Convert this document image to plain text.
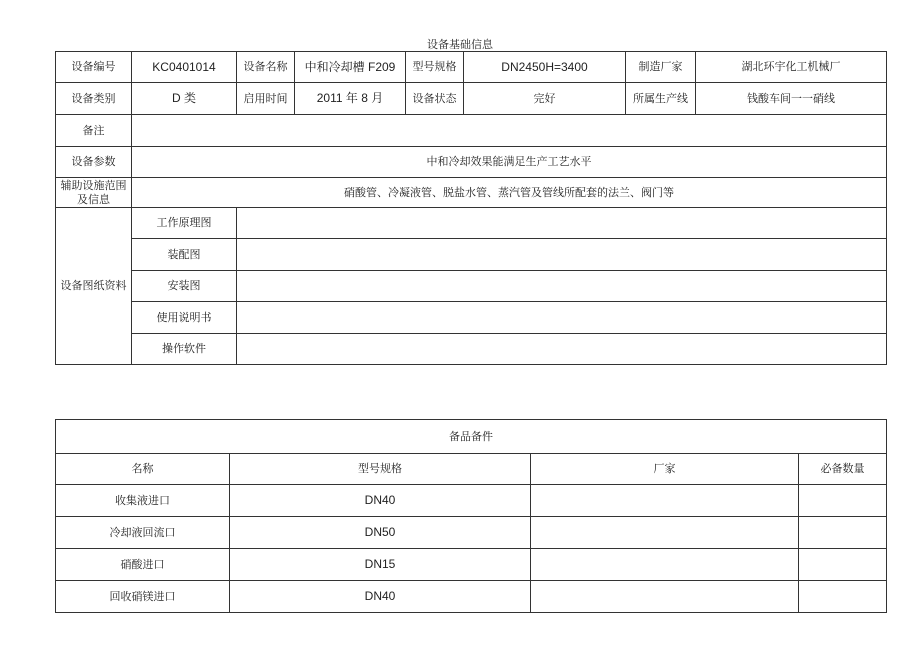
设备基础信息
设备编号	KC0401014	设备名称	中和冷却槽 F209	型号规格	DN2450H=3400	制造厂家	湖北环宇化工机械厂
设备类别	D 类	启用时间	2011 年 8 月	设备状态	完好	所属生产线	钱酸车间一一硝线
备注							
设备参数	中和冷却效果能满足生产工艺水平						
辅助设施范围及信息	硝酸管、冷凝液管、脱盐水管、蒸汽管及管线所配套的法兰、阀门等						
设备图纸资料	工作原理图						
	装配图						
	安装图						
	使用说明书						
	操作软件						
备品备件			
名称	型号规格	厂家	必备数量
收集液进口	DN40		
冷却液回流口	DN50		
硝酸进口	DN15		
回收硝镁进口	DN40		
